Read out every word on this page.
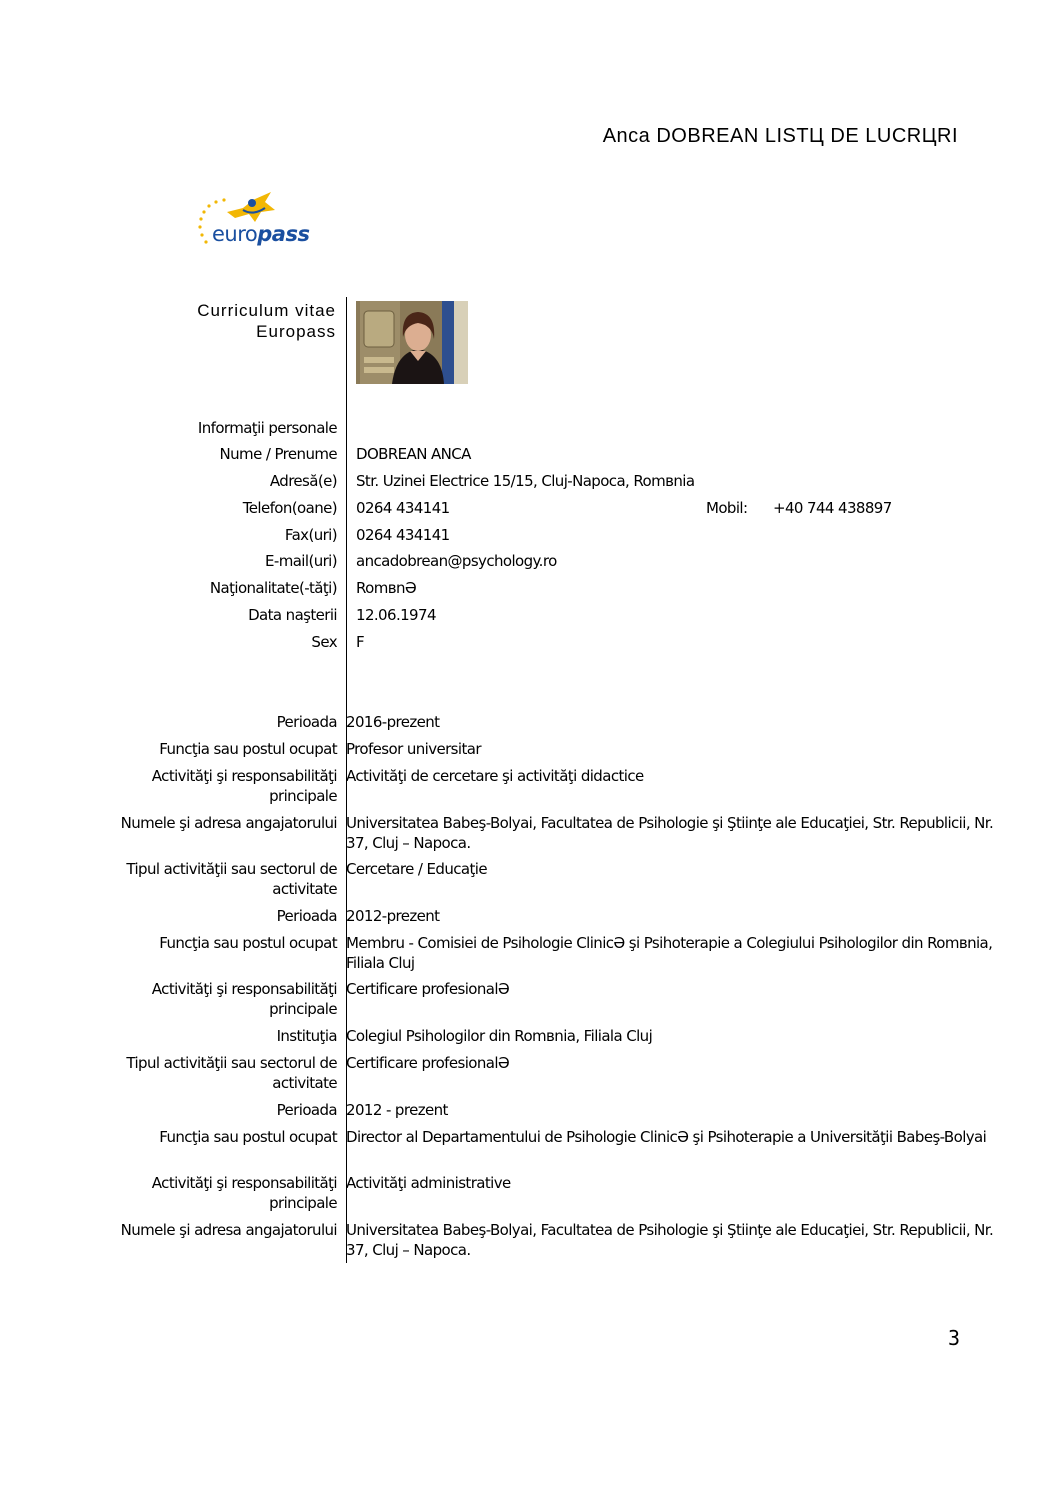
Anca DOBREAN LISTЦ DE LUCRЦRI
europass
Curriculum vitae
Europass
Informaţii personale
Nume / Prenume DOBREAN ANCA
Adresӑ(e) Str. Uzinei Electrice 15/15, Cluj-Napoca, Romвnia
Telefon(oane) 0264 434141	Mobil: +40 744 438897
Fax(uri) 0264 434141
E-mail(uri) ancadobrean@psychology.ro
Naţionalitate(-tӑţi) RomвnӘ
Data naşterii 12.06.1974
Sex F
Perioada 2016-prezent
Funcţia sau postul ocupat Profesor universitar
Activitӑţi şi responsabilitӑţi principale
Activitӑţi de cercetare şi activitӑţi didactice
Numele şi adresa angajatorului Universitatea Babeş-Bolyai, Facultatea de Psihologie şi Ştiinţe ale Educaţiei, Str. Republicii, Nr. 37, Cluj – Napoca.
Tipul activitӑţii sau sectorul de activitate
Cercetare / Educaţie
Perioada 2012-prezent
Funcţia sau postul ocupat Membru - Comisiei de Psihologie ClinicӘ şi Psihoterapie a Colegiului Psihologilor din Romвnia, Filiala Cluj
Activitӑţi şi responsabilitӑţi principale
Certificare profesionalӘ
Instituţia Colegiul Psihologilor din Romвnia, Filiala Cluj
Tipul activitӑţii sau sectorul de activitate
Certificare profesionalӘ
Perioada 2012 - prezent
Funcţia sau postul ocupat Director al Departamentului de Psihologie ClinicӘ şi Psihoterapie a Universitӑţii Babeş-Bolyai
Activitӑţi şi responsabilitӑţi principale
Activitӑţi administrative
Numele şi adresa angajatorului Universitatea Babeş-Bolyai, Facultatea de Psihologie şi Ştiinţe ale Educaţiei, Str. Republicii, Nr. 37, Cluj – Napoca.
3
